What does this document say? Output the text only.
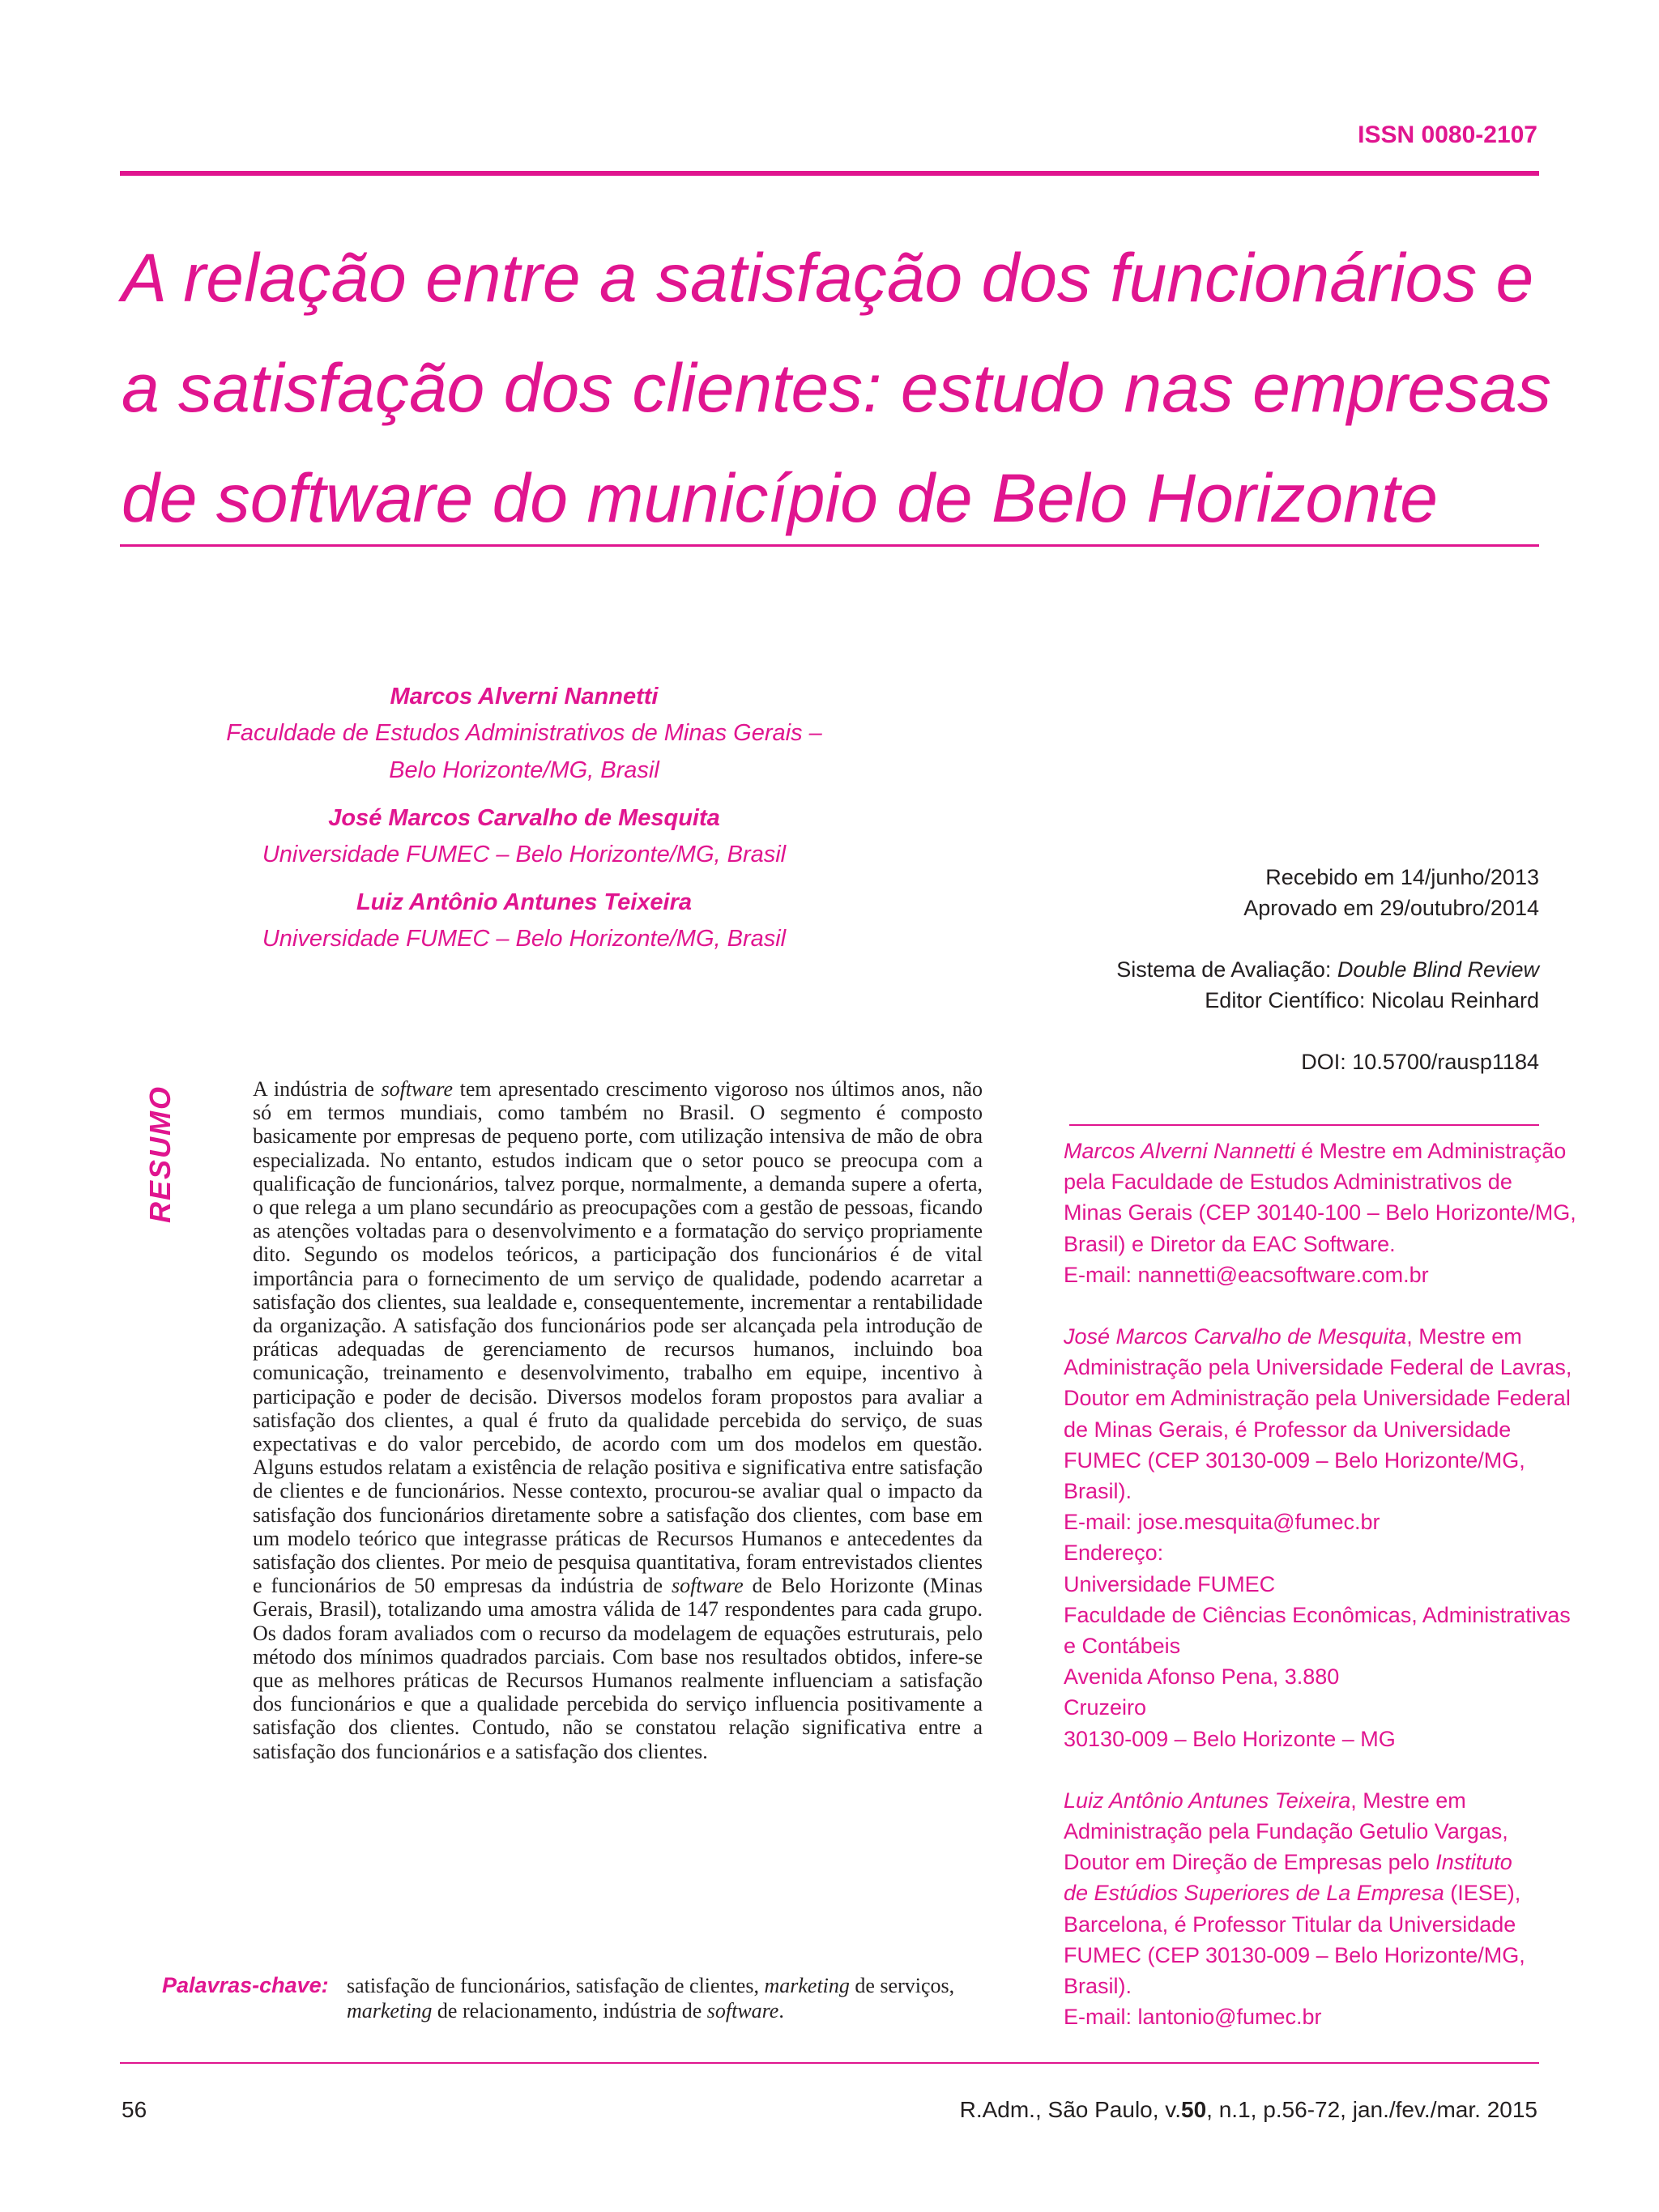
ISSN 0080-2107
A relação entre a satisfação dos funcionários e
a satisfação dos clientes: estudo nas empresas
de software do município de Belo Horizonte
Marcos Alverni Nannetti
Faculdade de Estudos Administrativos de Minas Gerais –
Belo Horizonte/MG, Brasil
José Marcos Carvalho de Mesquita
Universidade FUMEC – Belo Horizonte/MG, Brasil
Luiz Antônio Antunes Teixeira
Universidade FUMEC – Belo Horizonte/MG, Brasil
Recebido em 14/junho/2013
Aprovado em 29/outubro/2014
Sistema de Avaliação: Double Blind Review
Editor Científico: Nicolau Reinhard
DOI: 10.5700/rausp1184
RESUMO	A indústria de software tem apresentado crescimento vigoroso nos últimos anos, não só em termos mundiais, como também no Brasil. O segmento é composto basicamente por empresas de pequeno porte, com utilização intensiva de mão de obra especializada. No entanto, estudos indicam que o setor pouco se preocupa com a qualificação de funcionários, talvez porque, normalmente, a demanda supere a oferta, o que relega a um plano secundário as preocupações com a gestão de pessoas, ficando as atenções voltadas para o desenvolvimento e a formatação do serviço propriamente dito. Segundo os modelos teóricos, a participação dos funcionários é de vital importância para o fornecimento de um serviço de qualidade, podendo acarretar a satisfação dos clientes, sua lealdade e, consequentemente, incrementar a rentabilidade da organização. A satisfação dos funcionários pode ser alcançada pela introdução de práticas adequadas de gerenciamento de recursos humanos, incluindo boa comunicação, treinamento e desenvolvimento, trabalho em equipe, incentivo à participação e poder de decisão. Diversos modelos foram propostos para avaliar a satisfação dos clientes, a qual é fruto da qualidade percebida do serviço, de suas expectativas e do valor percebido, de acordo com um dos modelos em questão. Alguns estudos relatam a existência de relação positiva e significativa entre satisfação de clientes e de funcionários. Nesse contexto, procurou-se avaliar qual o impacto da satisfação dos funcionários diretamente sobre a satisfação dos clientes, com base em um modelo teórico que integrasse práticas de Recursos Humanos e antecedentes da satisfação dos clientes. Por meio de pesquisa quantitativa, foram entrevistados clientes e funcionários de 50 empresas da indústria de software de Belo Horizonte (Minas Gerais, Brasil), totalizando uma amostra válida de 147 respondentes para cada grupo. Os dados foram avaliados com o recurso da modelagem de equações estruturais, pelo método dos mínimos quadrados parciais. Com base nos resultados obtidos, infere-se que as melhores práticas de Recursos Humanos realmente influenciam a satisfação dos funcionários e que a qualidade percebida do serviço influencia positivamente a satisfação dos clientes. Contudo, não se constatou relação significativa entre a satisfação dos funcionários e a satisfação dos clientes.
Palavras-chave: satisfação de funcionários, satisfação de clientes, marketing de serviços,
marketing de relacionamento, indústria de software.
Marcos Alverni Nannetti é Mestre em Administração
pela Faculdade de Estudos Administrativos de
Minas Gerais (CEP 30140-100 – Belo Horizonte/MG,
Brasil) e Diretor da EAC Software.
E-mail: nannetti@eacsoftware.com.br
José Marcos Carvalho de Mesquita, Mestre em
Administração pela Universidade Federal de Lavras,
Doutor em Administração pela Universidade Federal
de Minas Gerais, é Professor da Universidade
FUMEC (CEP 30130-009 – Belo Horizonte/MG,
Brasil).
E-mail: jose.mesquita@fumec.br
Endereço:
Universidade FUMEC
Faculdade de Ciências Econômicas, Administrativas
e Contábeis
Avenida Afonso Pena, 3.880
Cruzeiro
30130-009 – Belo Horizonte – MG
Luiz Antônio Antunes Teixeira, Mestre em
Administração pela Fundação Getulio Vargas,
Doutor em Direção de Empresas pelo Instituto
de Estúdios Superiores de La Empresa (IESE),
Barcelona, é Professor Titular da Universidade
FUMEC (CEP 30130-009 – Belo Horizonte/MG,
Brasil).
E-mail: lantonio@fumec.br
56	R.Adm., São Paulo, v.50, n.1, p.56-72, jan./fev./mar. 2015
